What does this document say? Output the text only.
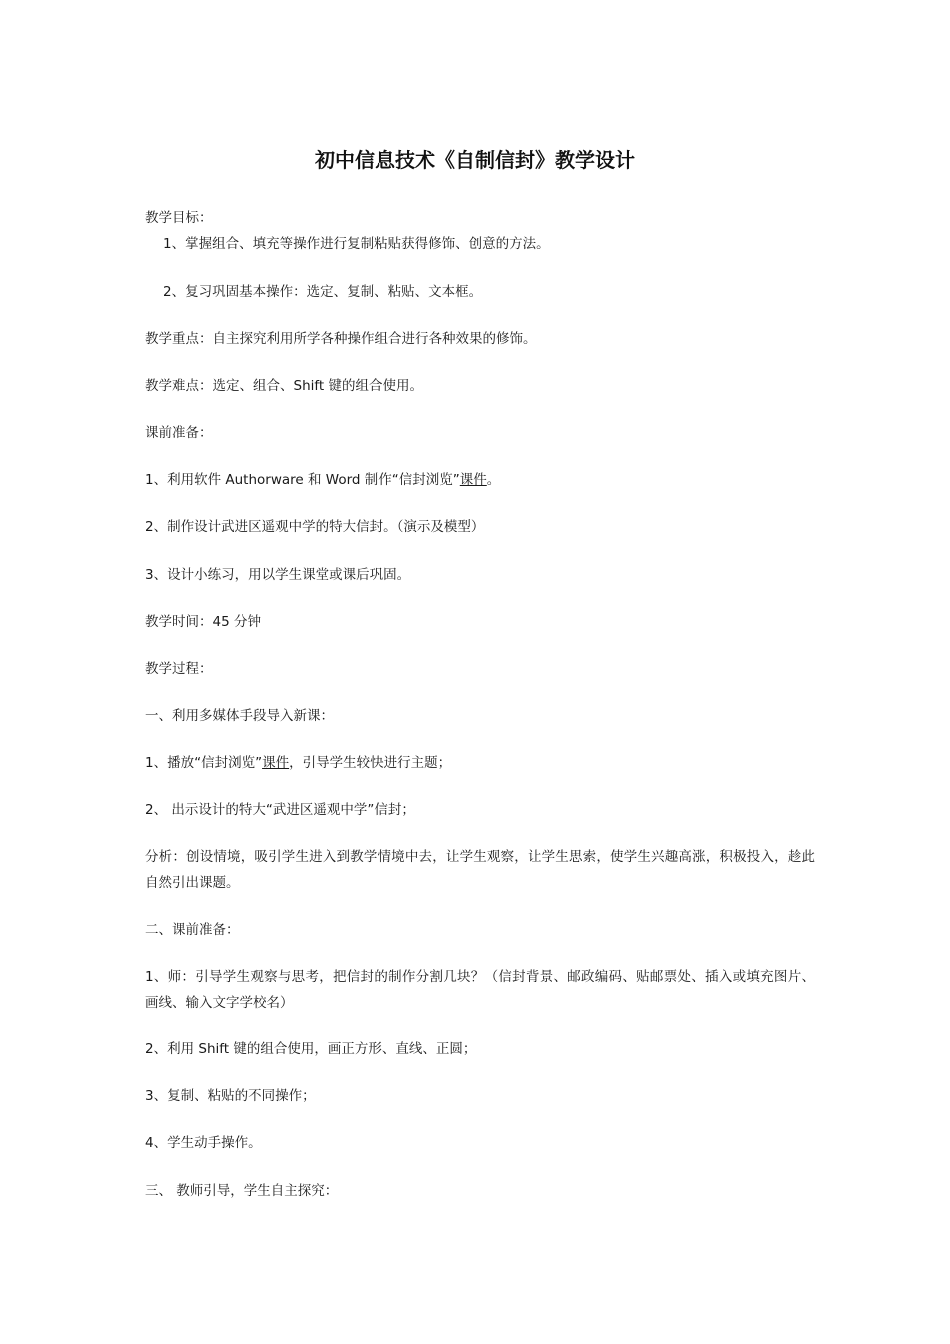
初中信息技术《自制信封》教学设计
教学目标：
1、掌握组合、填充等操作进行复制粘贴获得修饰、创意的方法。
2、复习巩固基本操作：选定、复制、粘贴、文本框。
教学重点：自主探究利用所学各种操作组合进行各种效果的修饰。
教学难点：选定、组合、Shift 键的组合使用。
课前准备：
1、利用软件 Authorware 和 Word 制作“信封浏览”课件。
2、制作设计武进区遥观中学的特大信封。（演示及模型）
3、设计小练习，用以学生课堂或课后巩固。
教学时间：45 分钟
教学过程：
一、利用多媒体手段导入新课：
1、播放“信封浏览”课件，引导学生较快进行主题；
2、 出示设计的特大“武进区遥观中学”信封；
分析：创设情境，吸引学生进入到教学情境中去，让学生观察，让学生思索，使学生兴趣高涨，积极投入，趁此自然引出课题。
二、课前准备：
1、师：引导学生观察与思考，把信封的制作分割几块？（信封背景、邮政编码、贴邮票处、插入或填充图片、画线、输入文字学校名）
2、利用 Shift 键的组合使用，画正方形、直线、正圆；
3、复制、粘贴的不同操作；
4、学生动手操作。
三、 教师引导，学生自主探究：
